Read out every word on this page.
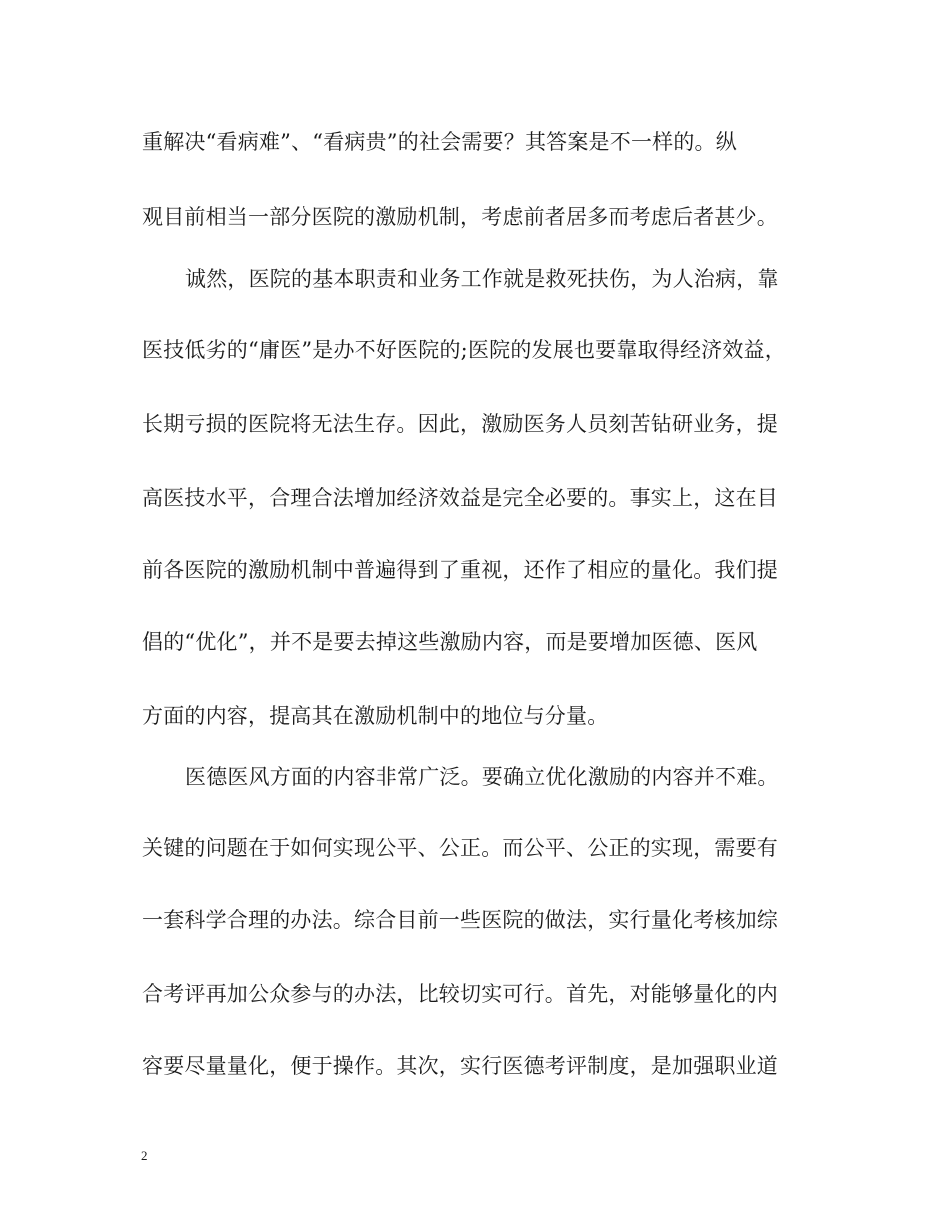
重解决“看病难”、“看病贵”的社会需要？其答案是不一样的。纵
观目前相当一部分医院的激励机制，考虑前者居多而考虑后者甚少。
诚然，医院的基本职责和业务工作就是救死扶伤，为人治病，靠
医技低劣的“庸医”是办不好医院的;医院的发展也要靠取得经济效益，
长期亏损的医院将无法生存。因此，激励医务人员刻苦钻研业务，提
高医技水平，合理合法增加经济效益是完全必要的。事实上，这在目
前各医院的激励机制中普遍得到了重视，还作了相应的量化。我们提
倡的“优化”，并不是要去掉这些激励内容，而是要增加医德、医风
方面的内容，提高其在激励机制中的地位与分量。
医德医风方面的内容非常广泛。要确立优化激励的内容并不难。
关键的问题在于如何实现公平、公正。而公平、公正的实现，需要有
一套科学合理的办法。综合目前一些医院的做法，实行量化考核加综
合考评再加公众参与的办法，比较切实可行。首先，对能够量化的内
容要尽量量化，便于操作。其次，实行医德考评制度，是加强职业道
2
